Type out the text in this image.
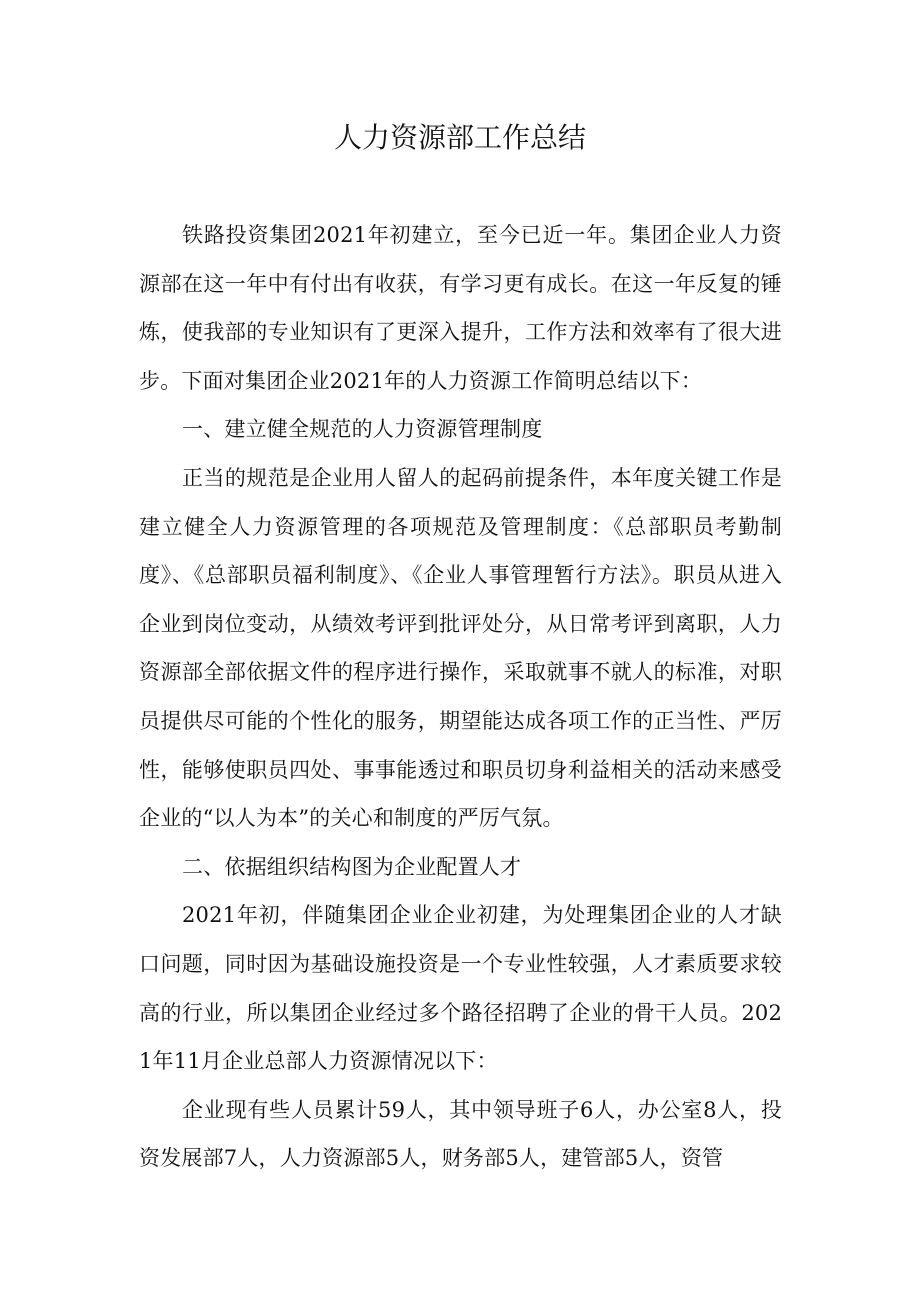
人力资源部工作总结

铁路投资集团2021年初建立，至今已近一年。集团企业人力资源部在这一年中有付出有收获，有学习更有成长。在这一年反复的锤炼，使我部的专业知识有了更深入提升，工作方法和效率有了很大进步。下面对集团企业2021年的人力资源工作简明总结以下：

一、建立健全规范的人力资源管理制度

正当的规范是企业用人留人的起码前提条件，本年度关键工作是建立健全人力资源管理的各项规范及管理制度：《总部职员考勤制度》、《总部职员福利制度》、《企业人事管理暂行方法》。职员从进入企业到岗位变动，从绩效考评到批评处分，从日常考评到离职，人力资源部全部依据文件的程序进行操作，采取就事不就人的标准，对职员提供尽可能的个性化的服务，期望能达成各项工作的正当性、严厉性，能够使职员四处、事事能透过和职员切身利益相关的活动来感受企业的“以人为本”的关心和制度的严厉气氛。

二、依据组织结构图为企业配置人才

2021年初，伴随集团企业企业初建，为处理集团企业的人才缺口问题，同时因为基础设施投资是一个专业性较强，人才素质要求较高的行业，所以集团企业经过多个路径招聘了企业的骨干人员。2021年11月企业总部人力资源情况以下：

企业现有些人员累计59人，其中领导班子6人，办公室8人，投资发展部7人，人力资源部5人，财务部5人，建管部5人，资管
